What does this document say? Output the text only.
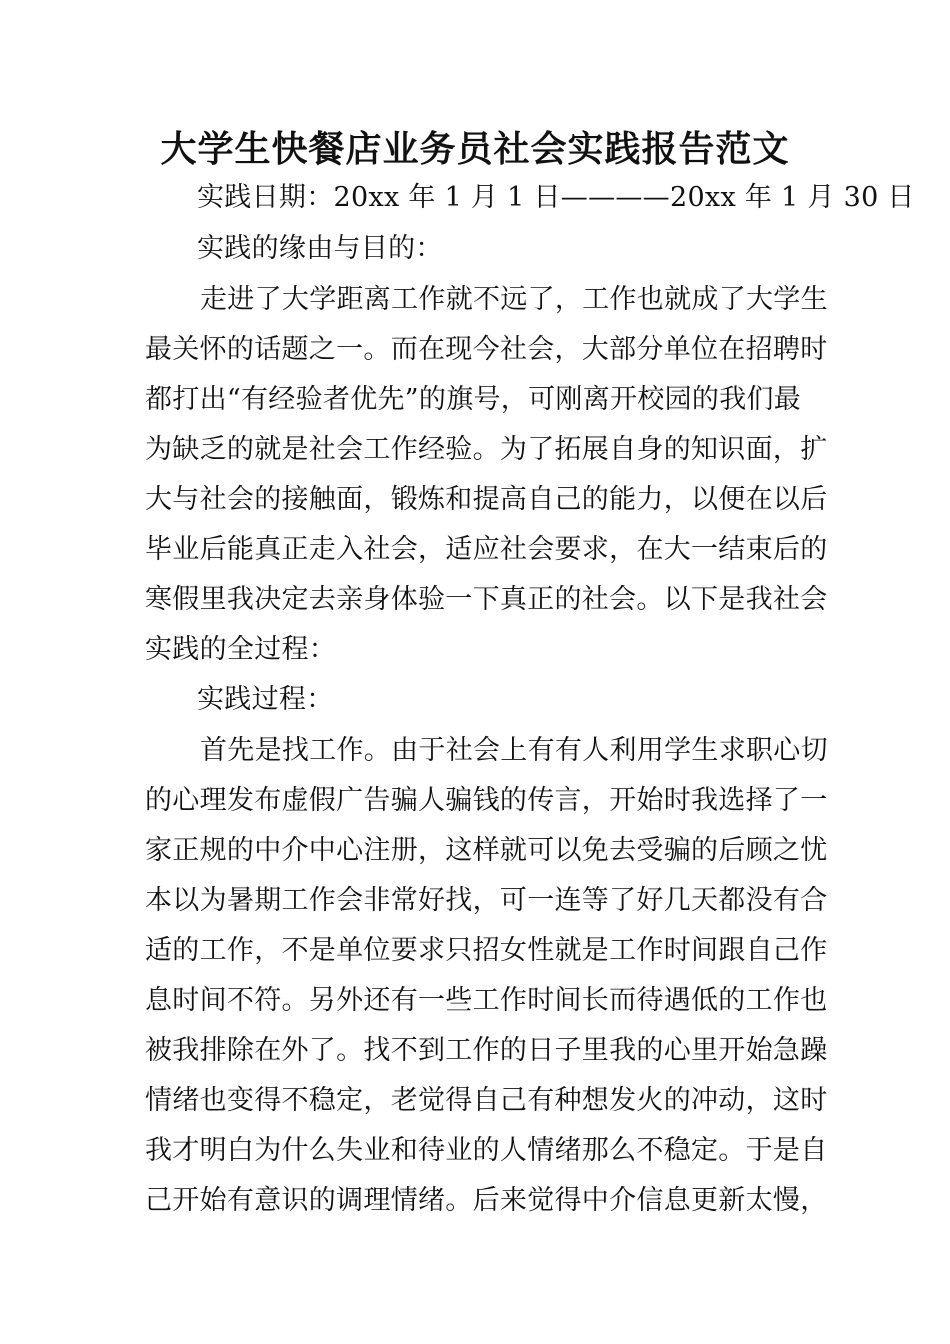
大学生快餐店业务员社会实践报告范文
实践日期：20xx 年 1 月 1 日————20xx 年 1 月 30 日
实践的缘由与目的：
走进了大学距离工作就不远了，工作也就成了大学生
最关怀的话题之一。而在现今社会，大部分单位在招聘时
都打出“有经验者优先”的旗号，可刚离开校园的我们最
为缺乏的就是社会工作经验。为了拓展自身的知识面，扩
大与社会的接触面，锻炼和提高自己的能力，以便在以后
毕业后能真正走入社会，适应社会要求，在大一结束后的
寒假里我决定去亲身体验一下真正的社会。以下是我社会
实践的全过程：
实践过程：
首先是找工作。由于社会上有有人利用学生求职心切
的心理发布虚假广告骗人骗钱的传言，开始时我选择了一
家正规的中介中心注册，这样就可以免去受骗的后顾之忧
本以为暑期工作会非常好找，可一连等了好几天都没有合
适的工作，不是单位要求只招女性就是工作时间跟自己作
息时间不符。另外还有一些工作时间长而待遇低的工作也
被我排除在外了。找不到工作的日子里我的心里开始急躁
情绪也变得不稳定，老觉得自己有种想发火的冲动，这时
我才明白为什么失业和待业的人情绪那么不稳定。于是自
己开始有意识的调理情绪。后来觉得中介信息更新太慢，
